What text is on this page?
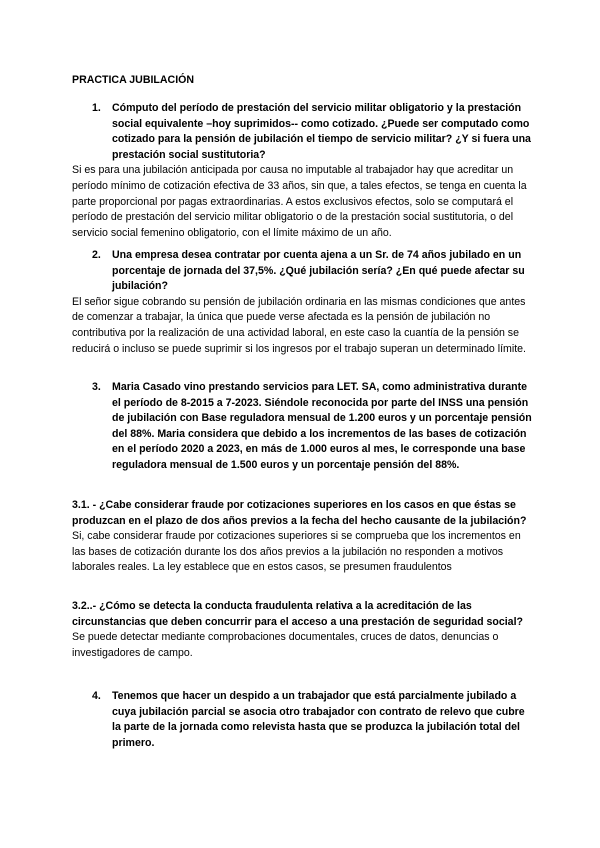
PRACTICA JUBILACIÓN

1.	Cómputo del período de prestación del servicio militar obligatorio y la prestación social equivalente –hoy suprimidos-- como cotizado. ¿Puede ser computado como cotizado para la pensión de jubilación el tiempo de servicio militar? ¿Y si fuera una prestación social sustitutoria?

Si es para una jubilación anticipada por causa no imputable al trabajador hay que acreditar un período mínimo de cotización efectiva de 33 años, sin que, a tales efectos, se tenga en cuenta la parte proporcional por pagas extraordinarias. A estos exclusivos efectos, solo se computará el período de prestación del servicio militar obligatorio o de la prestación social sustitutoria, o del servicio social femenino obligatorio, con el límite máximo de un año.

2.	Una empresa desea contratar por cuenta ajena a un Sr. de 74 años jubilado en un porcentaje de jornada del 37,5%. ¿Qué jubilación sería? ¿En qué puede afectar su jubilación?

El señor sigue cobrando su pensión de jubilación ordinaria en las mismas condiciones que antes de comenzar a trabajar, la única que puede verse afectada es la pensión de jubilación no contributiva por la realización de una actividad laboral, en este caso la cuantía de la pensión se reducirá o incluso se puede suprimir si los ingresos por el trabajo superan un determinado límite.

3.	Maria Casado vino prestando servicios para LET. SA, como administrativa durante el período de 8-2015 a 7-2023. Siéndole reconocida por parte del INSS una pensión de jubilación con Base reguladora mensual de 1.200 euros y un porcentaje pensión del 88%. Maria considera que debido a los incrementos de las bases de cotización en el período 2020 a 2023, en más de 1.000 euros al mes, le corresponde una base reguladora mensual de 1.500 euros y un porcentaje pensión del 88%.

3.1. - ¿Cabe considerar fraude por cotizaciones superiores en los casos en que éstas se produzcan en el plazo de dos años previos a la fecha del hecho causante de la jubilación?

Si, cabe considerar fraude por cotizaciones superiores si se comprueba que los incrementos en las bases de cotización durante los dos años previos a la jubilación no responden a motivos laborales reales. La ley establece que en estos casos, se presumen fraudulentos

3.2..- ¿Cómo se detecta la conducta fraudulenta relativa a la acreditación de las circunstancias que deben concurrir para el acceso a una prestación de seguridad social?

Se puede detectar mediante comprobaciones documentales, cruces de datos, denuncias o investigadores de campo.

4.	Tenemos que hacer un despido a un trabajador que está parcialmente jubilado a cuya jubilación parcial se asocia otro trabajador con contrato de relevo que cubre la parte de la jornada como relevista hasta que se produzca la jubilación total del primero.
